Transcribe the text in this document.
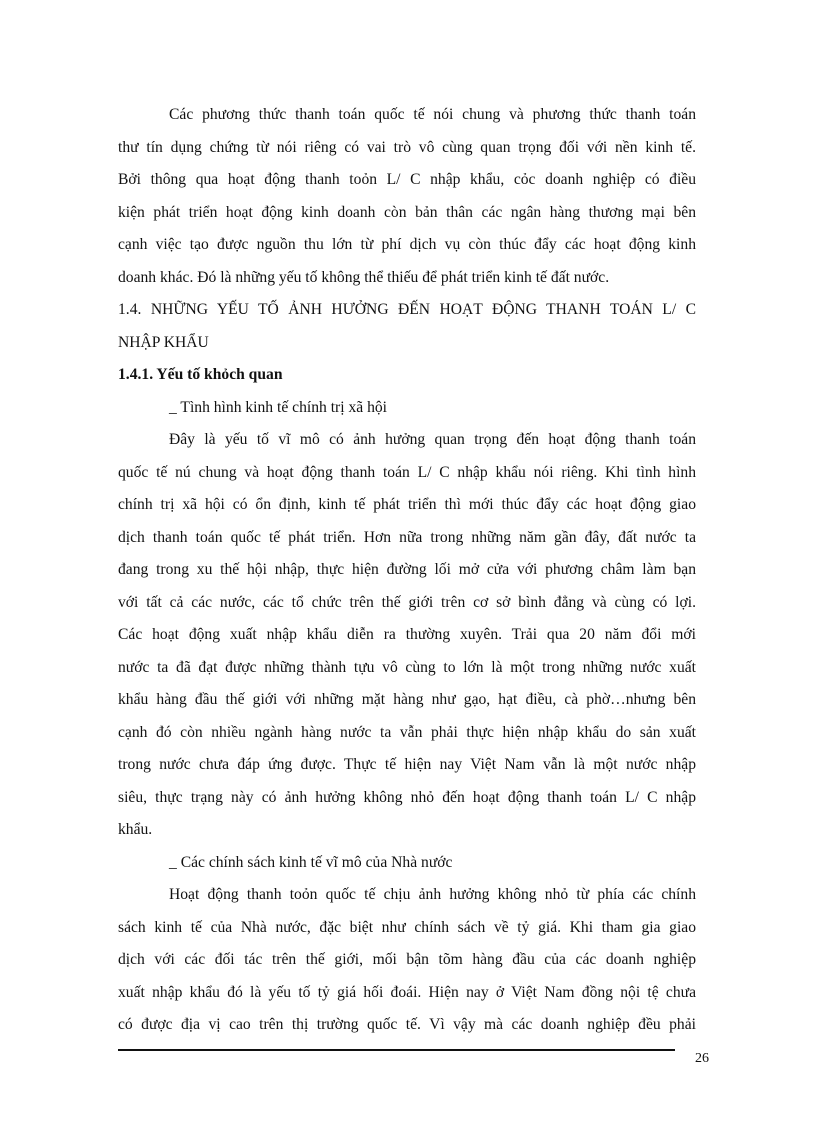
Các phương thức thanh toán quốc tế nói chung và phương thức thanh toán
thư tín dụng chứng từ nói riêng có vai trò vô cùng quan trọng đối với nền kinh tế.
Bởi thông qua hoạt động thanh toỏn L/ C nhập khẩu, cỏc doanh nghiệp có điều
kiện phát triển hoạt động kinh doanh còn bản thân các ngân hàng thương mại bên
cạnh việc tạo được nguồn thu lớn từ phí dịch vụ còn thúc đẩy các hoạt động kinh
doanh khác. Đó là những yếu tố không thể thiếu để phát triển kinh tế đất nước.
1.4. NHỮNG YẾU TỐ ẢNH HƯỞNG ĐẾN HOẠT ĐỘNG THANH TOÁN L/ C
NHẬP KHẨU
1.4.1. Yếu tố khỏch quan
_ Tình hình kinh tế chính trị xã hội
Đây là yếu tố vĩ mô có ảnh hưởng quan trọng đến hoạt động thanh toán
quốc tế nú chung và hoạt động thanh toán L/ C nhập khẩu nói riêng. Khi tình hình
chính trị xã hội có ổn định, kinh tế phát triển thì mới thúc đẩy các hoạt động giao
dịch thanh toán quốc tế phát triển. Hơn nữa trong những năm gần đây, đất nước ta
đang trong xu thế hội nhập, thực hiện đường lối mở cửa với phương châm làm bạn
với tất cả các nước, các tổ chức trên thế giới trên cơ sở bình đẳng và cùng có lợi.
Các hoạt động xuất nhập khẩu diễn ra thường xuyên. Trải qua 20 năm đổi mới
nước ta đã đạt được những thành tựu vô cùng to lớn là một trong những nước xuất
khẩu hàng đầu thế giới với những mặt hàng như gạo, hạt điều, cà phờ…nhưng bên
cạnh đó còn nhiều ngành hàng nước ta vẫn phải thực hiện nhập khẩu do sản xuất
trong nước chưa đáp ứng được. Thực tế hiện nay Việt Nam vẫn là một nước nhập
siêu, thực trạng này có ảnh hưởng không nhỏ đến hoạt động thanh toán L/ C nhập
khẩu.
_ Các chính sách kinh tế vĩ mô của Nhà nước
Hoạt động thanh toỏn quốc tế chịu ảnh hưởng không nhỏ từ phía các chính
sách kinh tế của Nhà nước, đặc biệt như chính sách về tỷ giá. Khi tham gia giao
dịch với các đối tác trên thế giới, mối bận tõm hàng đầu của các doanh nghiệp
xuất nhập khẩu đó là yếu tố tỷ giá hối đoái. Hiện nay ở Việt Nam đồng nội tệ chưa
có được địa vị cao trên thị trường quốc tế. Vì vậy mà các doanh nghiệp đều phải
26
